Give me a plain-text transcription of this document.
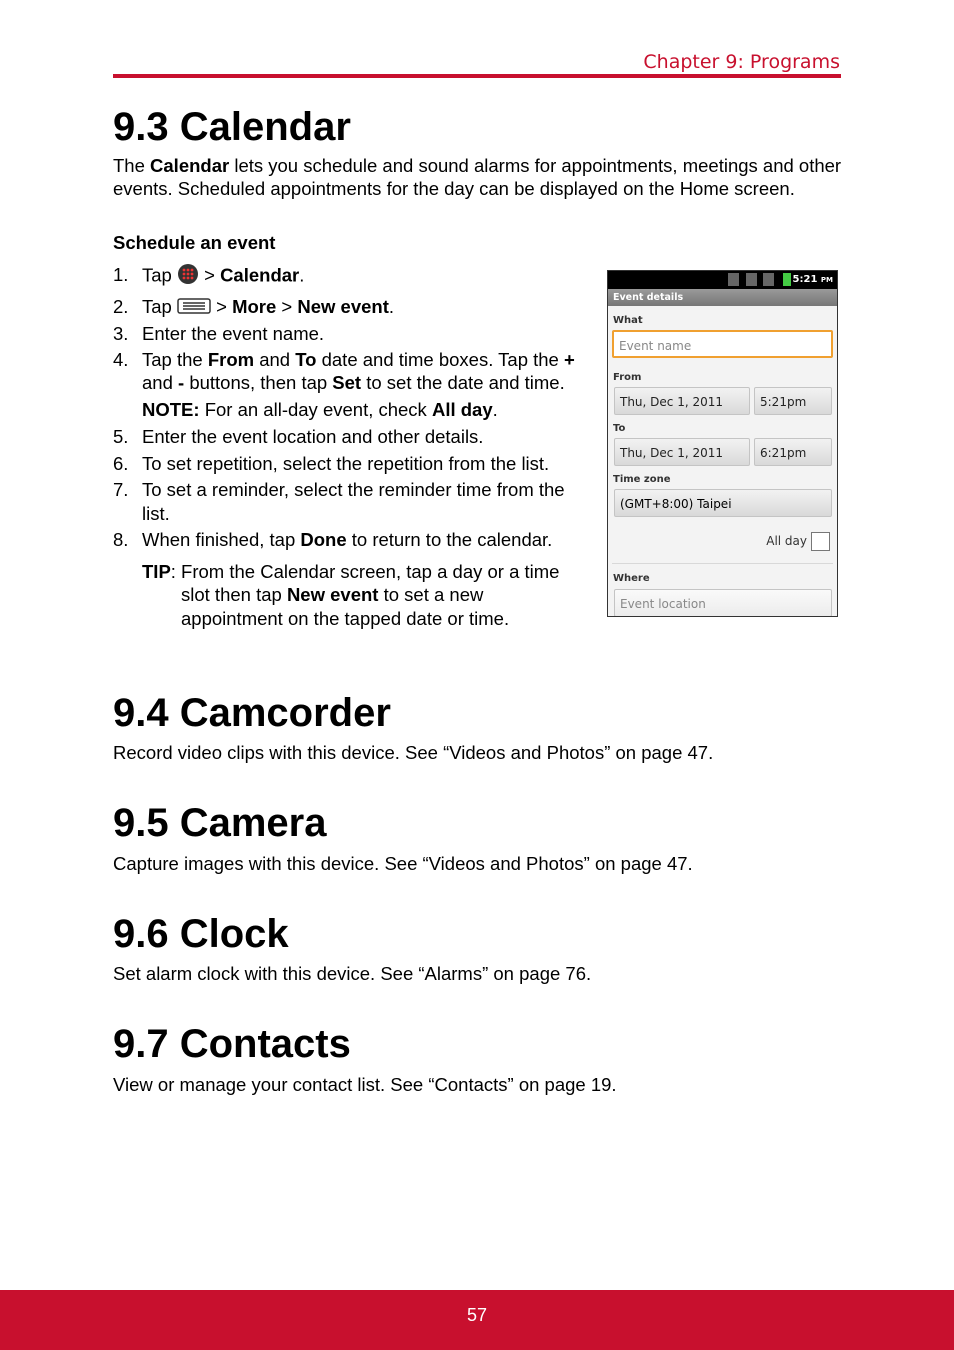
Chapter 9: Programs
9.3 Calendar

The Calendar lets you schedule and sound alarms for appointments, meetings and other events. Scheduled appointments for the day can be displayed on the Home screen.

Schedule an event

1. Tap  > Calendar.
2. Tap  > More > New event.
3. Enter the event name.
4. Tap the From and To date and time boxes. Tap the + and - buttons, then tap Set to set the date and time.
NOTE: For an all-day event, check All day.
5. Enter the event location and other details.
6. To set repetition, select the repetition from the list.
7. To set a reminder, select the reminder time from the list.
8. When finished, tap Done to return to the calendar.
TIP: From the Calendar screen, tap a day or a time
slot then tap New event to set a new
appointment on the tapped date or time.
5:21 PM
Event details
What
Event name
From
Thu, Dec 1, 2011	5:21pm
To
Thu, Dec 1, 2011	6:21pm
Time zone
(GMT+8:00) Taipei
All day
Where
Event location
9.4 Camcorder

Record video clips with this device. See “Videos and Photos” on page 47.

9.5 Camera

Capture images with this device. See “Videos and Photos” on page 47.

9.6 Clock

Set alarm clock with this device. See “Alarms” on page 76.

9.7 Contacts

View or manage your contact list. See “Contacts” on page 19.

57
